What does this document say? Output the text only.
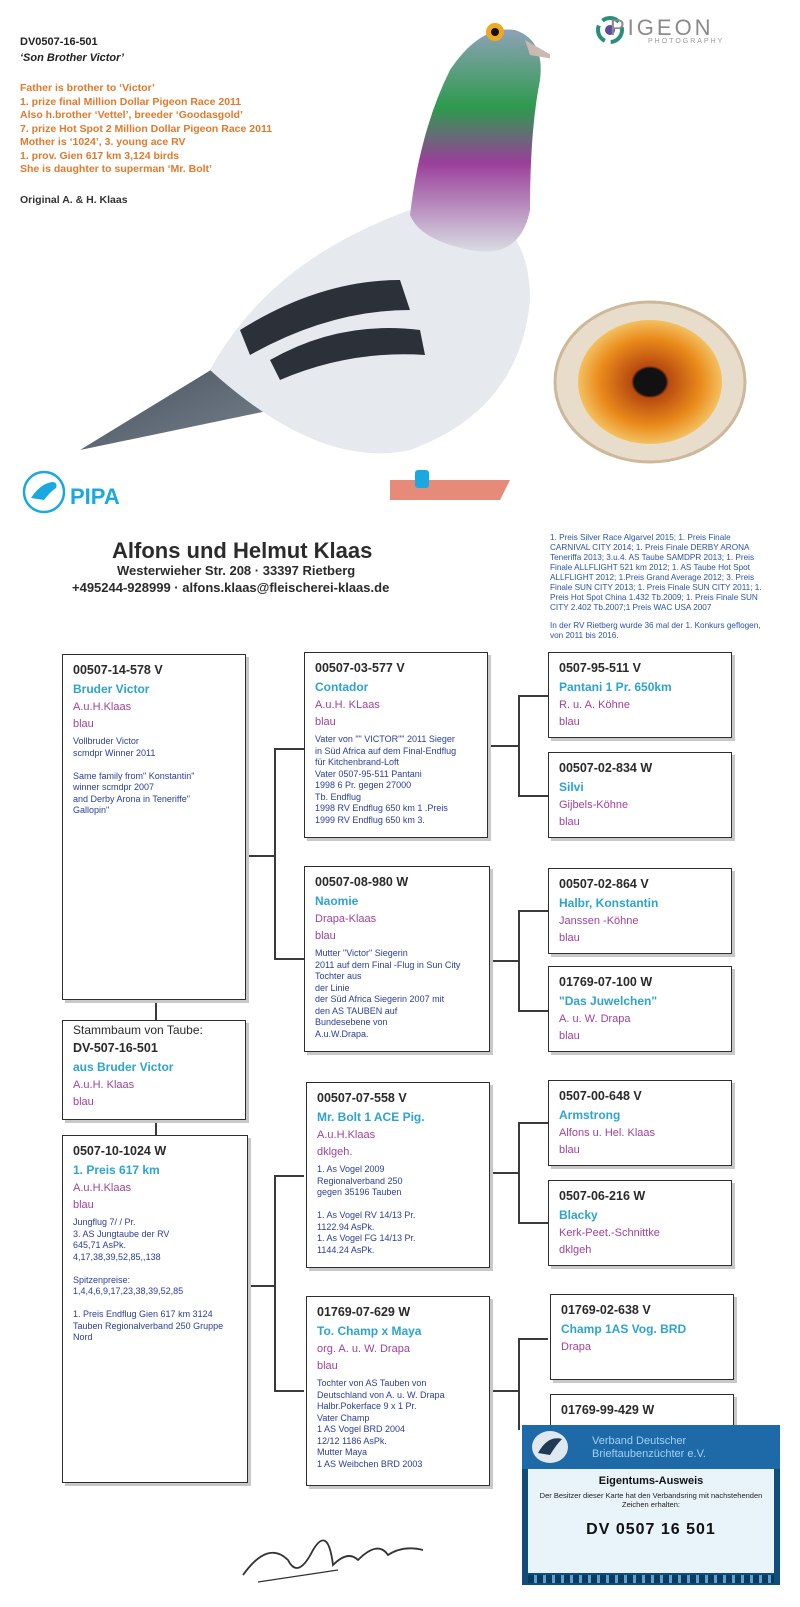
DV0507-16-501
‘Son Brother Victor’
Father is brother to ‘Victor’
1. prize final Million Dollar Pigeon Race 2011
Also h.brother ‘Vettel’, breeder ‘Goodasgold’
7. prize Hot Spot 2 Million Dollar Pigeon Race 2011
Mother is ‘1024’, 3. young ace RV
1. prov. Gien 617 km 3,124 birds
She is daughter to superman ‘Mr. Bolt’
Original A. & H. Klaas
PIGEON
PHOTOGRAPHY
PIPA
Alfons und Helmut Klaas
Westerwieher Str. 208 · 33397 Rietberg
+495244-928999 · alfons.klaas@fleischerei-klaas.de

1. Preis Silver Race Algarvel 2015; 1. Preis Finale CARNIVAL CITY 2014; 1. Preis Finale DERBY ARONA Teneriffa 2013; 3.u.4. AS Taube SAMDPR 2013; 1. Preis Finale ALLFLIGHT 521 km 2012; 1. AS Taube Hot Spot ALLFLIGHT 2012; 1.Preis Grand Average 2012; 3. Preis Finale SUN CITY 2013; 1. Preis Finale SUN CITY 2011; 1. Preis Hot Spot China 1.432 Tb.2009; 1. Preis Finale SUN CITY 2.402 Tb.2007;1 Preis WAC USA 2007

In der RV Rietberg wurde 36 mal der 1. Konkurs geflogen, von 2011 bis 2016.

00507-14-578 V
Bruder Victor
A.u.H.Klaas
blau
Vollbruder Victor
scmdpr Winner 2011

Same family from" Konstantin"
winner scmdpr 2007
and Derby Arona in Teneriffe"
Gallopin"
Stammbaum von Taube:
DV-507-16-501
aus Bruder Victor
A.u.H. Klaas
blau
0507-10-1024 W
1. Preis 617 km
A.u.H.Klaas
blau
Jungflug 7/ / Pr.
3. AS Jungtaube der RV
645,71 AsPk.
4,17,38,39,52,85,,138

Spitzenpreise:
1,4,4,6,9,17,23,38,39,52,85

1. Preis Endflug Gien 617 km 3124
Tauben Regionalverband 250 Gruppe
Nord
00507-03-577 V
Contador
A.u.H. KLaas
blau
Vater von "" VICTOR"" 2011 Sieger
in Süd Africa auf dem Final-Endflug
für Kitchenbrand-Loft
Vater 0507-95-511 Pantani
1998 6 Pr. gegen 27000
Tb. Endflug
1998 RV Endflug 650 km 1 .Preis
1999 RV Endflug 650 km 3.
00507-08-980 W
Naomie
Drapa-Klaas
blau
Mutter "Victor" Siegerin
2011 auf dem Final -Flug in Sun City
Tochter aus
der Linie
der Süd Africa Siegerin 2007 mit
den AS TAUBEN auf
Bundesebene von
A.u.W.Drapa.
00507-07-558 V
Mr. Bolt 1 ACE Pig.
A.u.H.Klaas
dklgeh.
1. As Vogel 2009
Regionalverband 250
gegen 35196 Tauben

1. As Vogel RV 14/13 Pr.
1122.94 AsPk.
1. As Vogel FG 14/13 Pr.
1144.24 AsPk.
01769-07-629 W
To. Champ x Maya
org. A. u. W. Drapa
blau
Tochter von AS Tauben von
Deutschland von A. u. W. Drapa
Halbr.Pokerface 9 x 1 Pr.
Vater Champ
1 AS Vogel BRD 2004
12/12 1186 AsPk.
Mutter Maya
1 AS Weibchen BRD 2003
0507-95-511 V
Pantani 1 Pr. 650km
R. u. A. Köhne
blau
00507-02-834 W
Silvi
Gijbels-Köhne
blau
00507-02-864 V
Halbr, Konstantin
Janssen -Köhne
blau
01769-07-100 W
"Das Juwelchen"
A. u. W. Drapa
blau
0507-00-648 V
Armstrong
Alfons u. Hel. Klaas
blau
0507-06-216 W
Blacky
Kerk-Peet.-Schnittke
dklgeh
01769-02-638 V
Champ 1AS Vog. BRD
Drapa
01769-99-429 W
Verband Deutscher
Brieftaubenzüchter e.V.
Eigentums-Ausweis
Der Besitzer dieser Karte hat den Verbandsring mit nachstehenden Zeichen erhalten:
DV 0507 16 501
